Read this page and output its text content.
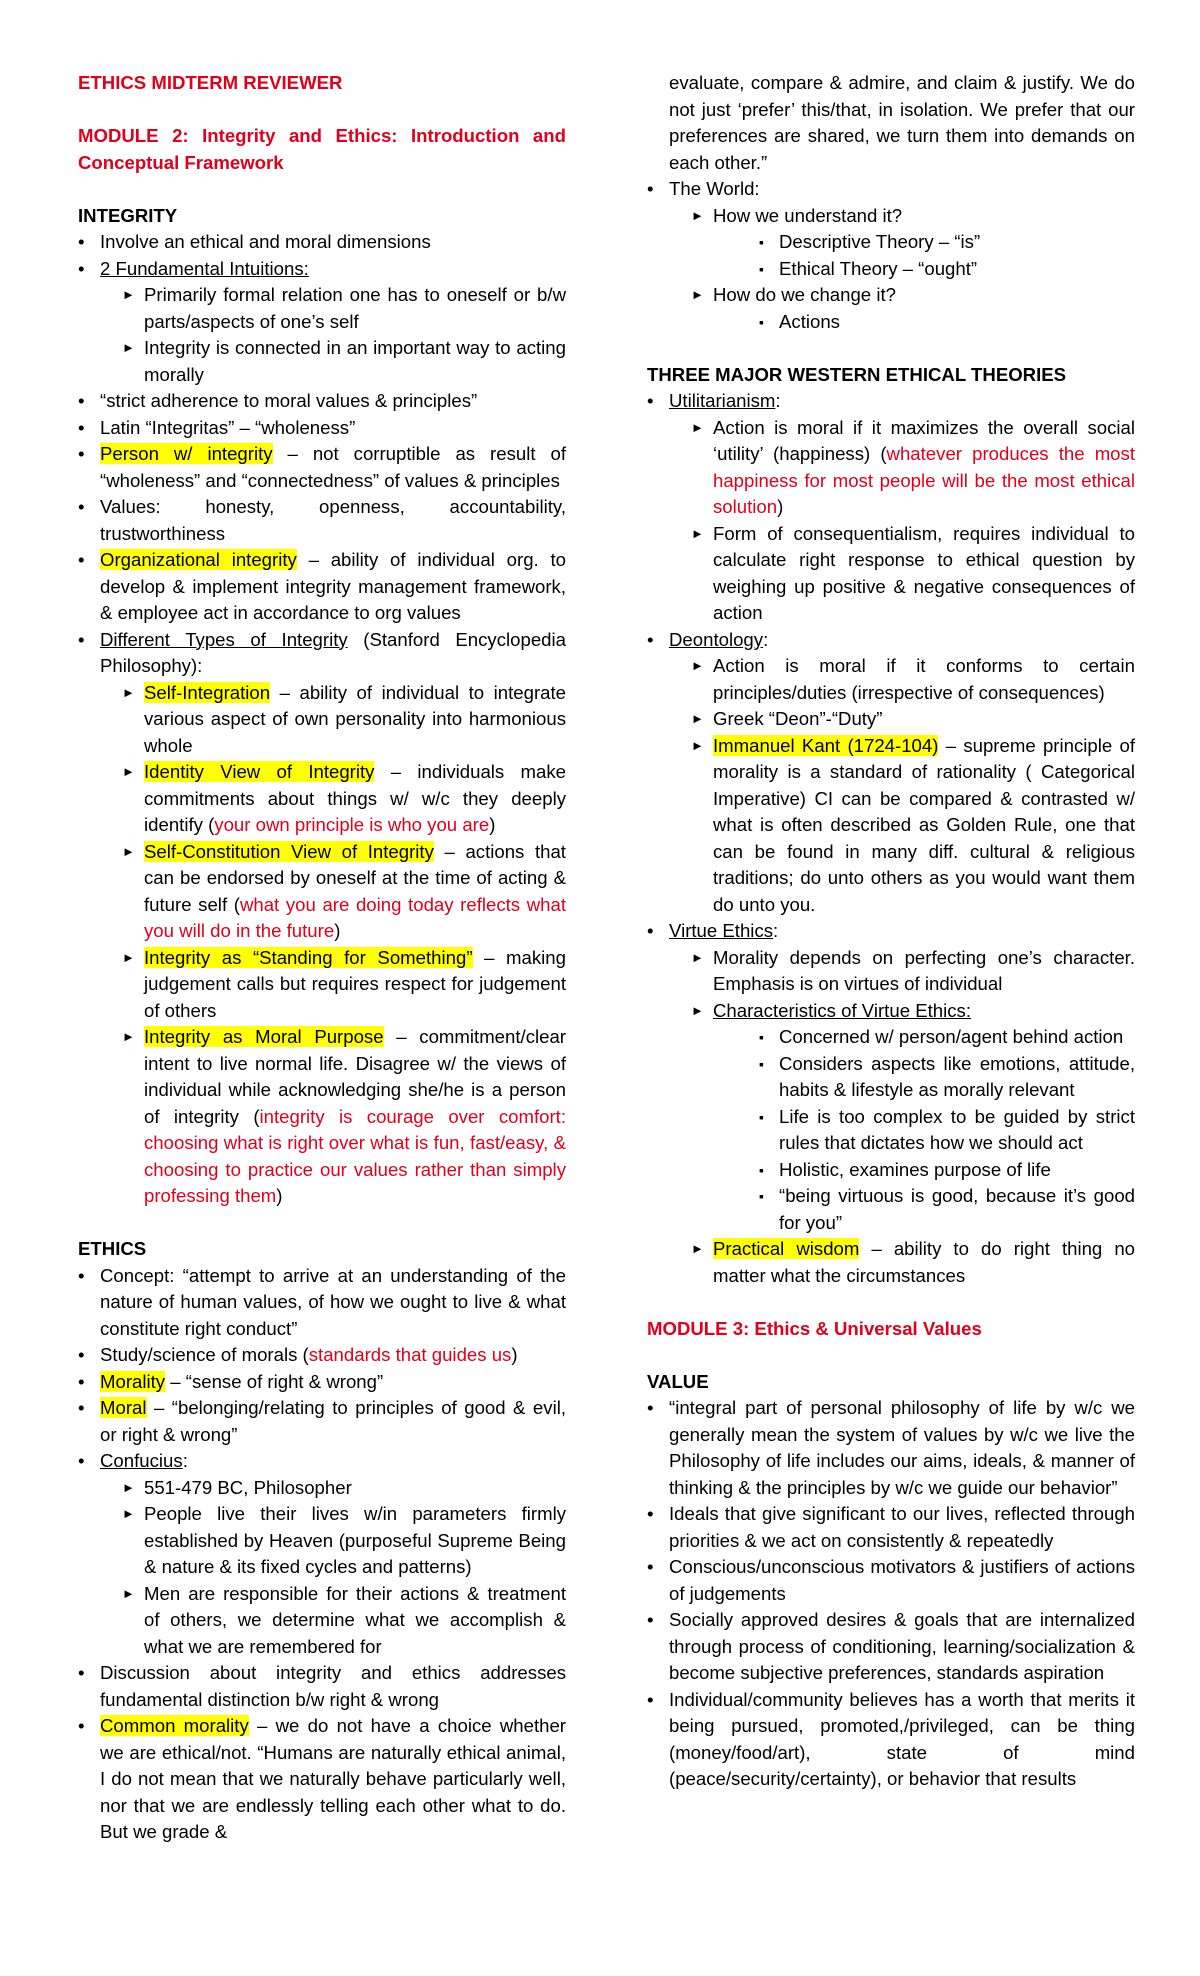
ETHICS MIDTERM REVIEWER

MODULE 2: Integrity and Ethics: Introduction and Conceptual Framework

INTEGRITY

• Involve an ethical and moral dimensions
• 2 Fundamental Intuitions:
► Primarily formal relation one has to oneself or b/w parts/aspects of one’s self
► Integrity is connected in an important way to acting morally
• “strict adherence to moral values & principles”
• Latin “Integritas” – “wholeness”
• Person w/ integrity – not corruptible as result of “wholeness” and “connectedness” of values & principles
• Values: honesty, openness, accountability, trustworthiness
• Organizational integrity – ability of individual org. to develop & implement integrity management framework, & employee act in accordance to org values
• Different Types of Integrity (Stanford Encyclopedia Philosophy):
► Self-Integration – ability of individual to integrate various aspect of own personality into harmonious whole
► Identity View of Integrity – individuals make commitments about things w/ w/c they deeply identify (your own principle is who you are)
► Self-Constitution View of Integrity – actions that can be endorsed by oneself at the time of acting & future self (what you are doing today reflects what you will do in the future)
► Integrity as “Standing for Something” – making judgement calls but requires respect for judgement of others
► Integrity as Moral Purpose – commitment/clear intent to live normal life. Disagree w/ the views of individual while acknowledging she/he is a person of integrity (integrity is courage over comfort: choosing what is right over what is fun, fast/easy, & choosing to practice our values rather than simply professing them)

ETHICS

• Concept: “attempt to arrive at an understanding of the nature of human values, of how we ought to live & what constitute right conduct”
• Study/science of morals (standards that guides us)
• Morality – “sense of right & wrong”
• Moral – “belonging/relating to principles of good & evil, or right & wrong”
• Confucius:
► 551-479 BC, Philosopher
► People live their lives w/in parameters firmly established by Heaven (purposeful Supreme Being & nature & its fixed cycles and patterns)
► Men are responsible for their actions & treatment of others, we determine what we accomplish & what we are remembered for
• Discussion about integrity and ethics addresses fundamental distinction b/w right & wrong
• Common morality – we do not have a choice whether we are ethical/not. “Humans are naturally ethical animal, I do not mean that we naturally behave particularly well, nor that we are endlessly telling each other what to do. But we grade &

evaluate, compare & admire, and claim & justify. We do not just ‘prefer’ this/that, in isolation. We prefer that our preferences are shared, we turn them into demands on each other.”

• The World:
► How we understand it?
▪ Descriptive Theory – “is”
▪ Ethical Theory – “ought”
► How do we change it?
▪ Actions

THREE MAJOR WESTERN ETHICAL THEORIES

• Utilitarianism:
► Action is moral if it maximizes the overall social ‘utility’ (happiness) (whatever produces the most happiness for most people will be the most ethical solution)
► Form of consequentialism, requires individual to calculate right response to ethical question by weighing up positive & negative consequences of action
• Deontology:
► Action is moral if it conforms to certain principles/duties (irrespective of consequences)
► Greek “Deon”-“Duty”
► Immanuel Kant (1724-104) – supreme principle of morality is a standard of rationality ( Categorical Imperative) CI can be compared & contrasted w/ what is often described as Golden Rule, one that can be found in many diff. cultural & religious traditions; do unto others as you would want them do unto you.
• Virtue Ethics:
► Morality depends on perfecting one’s character. Emphasis is on virtues of individual
► Characteristics of Virtue Ethics:
▪ Concerned w/ person/agent behind action
▪ Considers aspects like emotions, attitude, habits & lifestyle as morally relevant
▪ Life is too complex to be guided by strict rules that dictates how we should act
▪ Holistic, examines purpose of life
▪ “being virtuous is good, because it’s good for you”
► Practical wisdom – ability to do right thing no matter what the circumstances

MODULE 3: Ethics & Universal Values

VALUE

• “integral part of personal philosophy of life by w/c we generally mean the system of values by w/c we live the Philosophy of life includes our aims, ideals, & manner of thinking & the principles by w/c we guide our behavior”
• Ideals that give significant to our lives, reflected through priorities & we act on consistently & repeatedly
• Conscious/unconscious motivators & justifiers of actions of judgements
• Socially approved desires & goals that are internalized through process of conditioning, learning/socialization & become subjective preferences, standards aspiration
• Individual/community believes has a worth that merits it being pursued, promoted,/privileged, can be thing (money/food/art), state of mind (peace/security/certainty), or behavior that results
